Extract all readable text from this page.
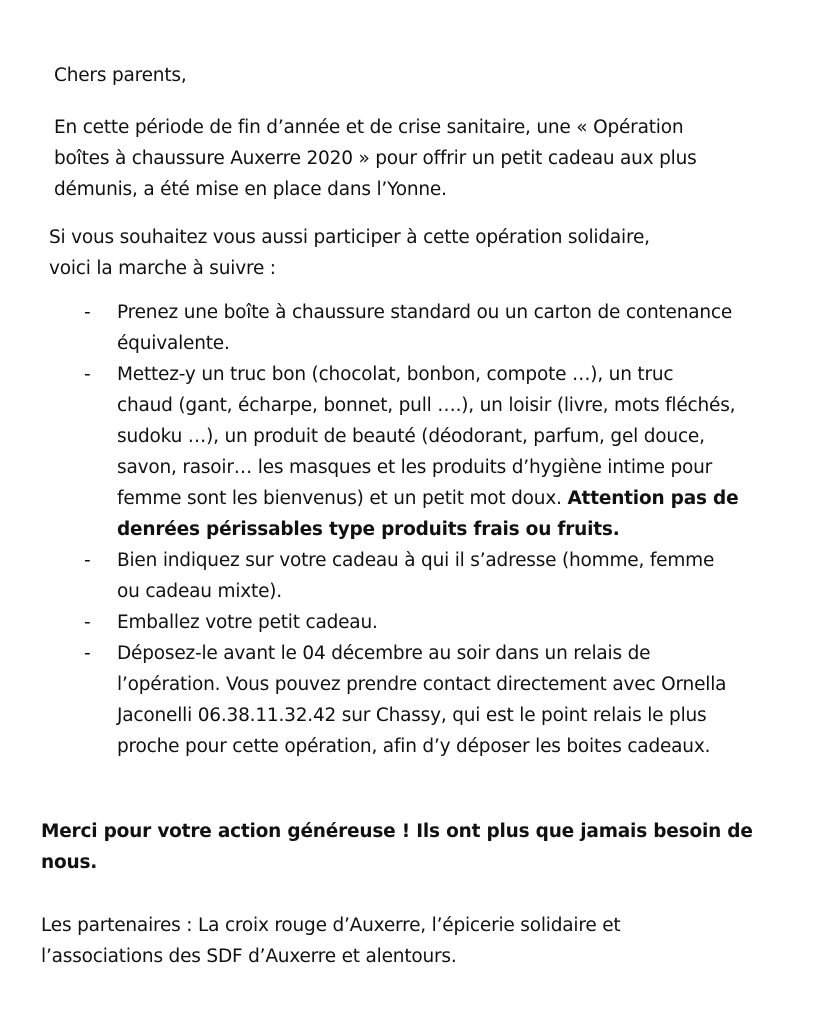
Chers parents,
En cette période de fin d’année et de crise sanitaire, une « Opération
boîtes à chaussure Auxerre 2020 » pour offrir un petit cadeau aux plus
démunis, a été mise en place dans l’Yonne.
Si vous souhaitez vous aussi participer à cette opération solidaire,
voici la marche à suivre :
- Prenez une boîte à chaussure standard ou un carton de contenance
équivalente.
- Mettez-y un truc bon (chocolat, bonbon, compote …), un truc
chaud (gant, écharpe, bonnet, pull ….), un loisir (livre, mots fléchés,
sudoku …), un produit de beauté (déodorant, parfum, gel douce,
savon, rasoir… les masques et les produits d’hygiène intime pour
femme sont les bienvenus) et un petit mot doux. Attention pas de
denrées périssables type produits frais ou fruits.
- Bien indiquez sur votre cadeau à qui il s’adresse (homme, femme
ou cadeau mixte).
- Emballez votre petit cadeau.
- Déposez-le avant le 04 décembre au soir dans un relais de
l’opération. Vous pouvez prendre contact directement avec Ornella
Jaconelli 06.38.11.32.42 sur Chassy, qui est le point relais le plus
proche pour cette opération, afin d’y déposer les boites cadeaux.
Merci pour votre action généreuse ! Ils ont plus que jamais besoin de
nous.
Les partenaires : La croix rouge d’Auxerre, l’épicerie solidaire et
l’associations des SDF d’Auxerre et alentours.
